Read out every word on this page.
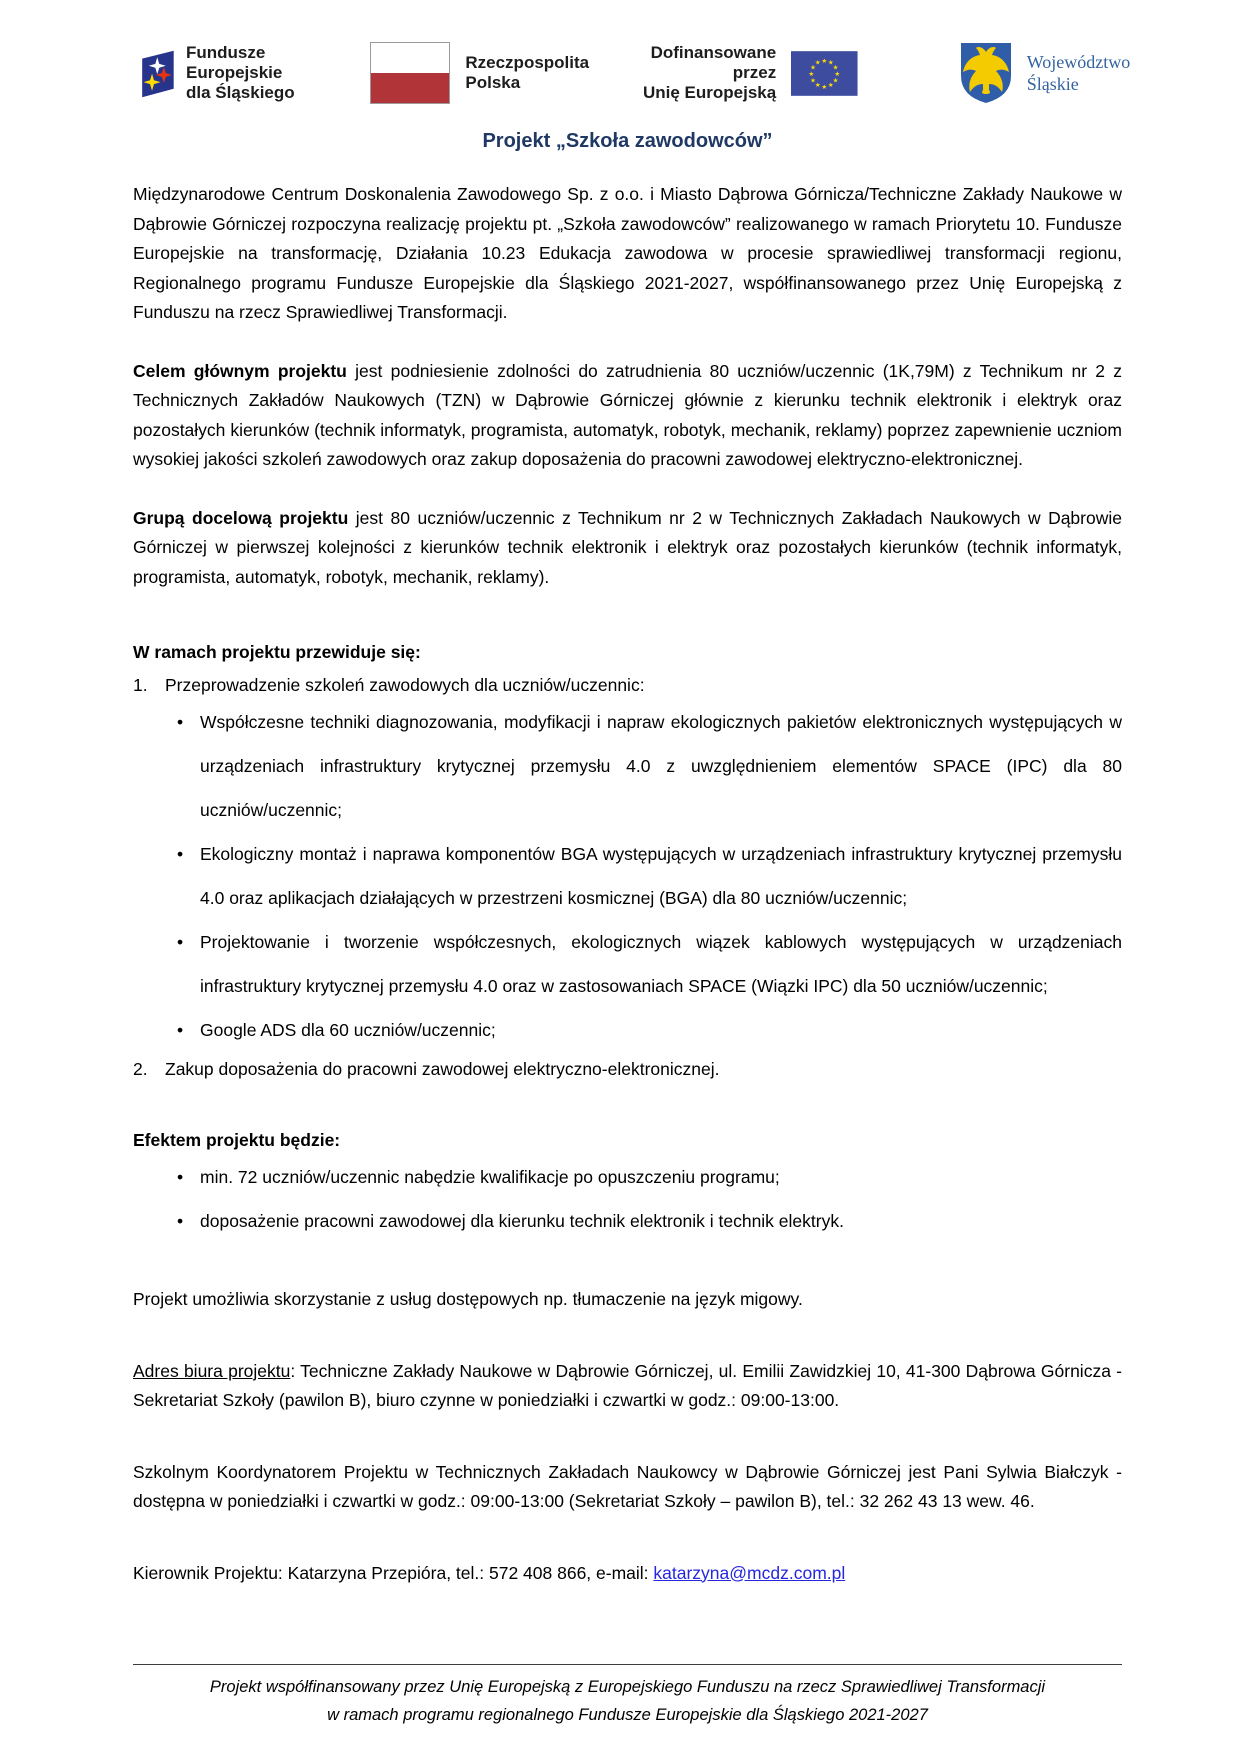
Fundusze Europejskie
dla Śląskiego
Rzeczpospolita
Polska
Dofinansowane przez
Unię Europejską
★ ★
★
★
★
★
★
★
★
★
★
★	Województwo
Śląskie
Projekt „Szkoła zawodowców”

Międzynarodowe Centrum Doskonalenia Zawodowego Sp. z o.o. i Miasto Dąbrowa Górnicza/Techniczne Zakłady Naukowe w Dąbrowie Górniczej rozpoczyna realizację projektu pt. „Szkoła zawodowców” realizowanego w ramach Priorytetu 10. Fundusze Europejskie na transformację, Działania 10.23 Edukacja zawodowa w procesie sprawiedliwej transformacji regionu, Regionalnego programu Fundusze Europejskie dla Śląskiego 2021-2027, współfinansowanego przez Unię Europejską z Funduszu na rzecz Sprawiedliwej Transformacji.

Celem głównym projektu jest podniesienie zdolności do zatrudnienia 80 uczniów/uczennic (1K,79M) z Technikum nr 2 z Technicznych Zakładów Naukowych (TZN) w Dąbrowie Górniczej głównie z kierunku technik elektronik i elektryk oraz pozostałych kierunków (technik informatyk, programista, automatyk, robotyk, mechanik, reklamy) poprzez zapewnienie uczniom wysokiej jakości szkoleń zawodowych oraz zakup doposażenia do pracowni zawodowej elektryczno-elektronicznej.

Grupą docelową projektu jest 80 uczniów/uczennic z Technikum nr 2 w Technicznych Zakładach Naukowych w Dąbrowie Górniczej w pierwszej kolejności z kierunków technik elektronik i elektryk oraz pozostałych kierunków (technik informatyk, programista, automatyk, robotyk, mechanik, reklamy).

W ramach projektu przewiduje się:
1. Przeprowadzenie szkoleń zawodowych dla uczniów/uczennic:
• Współczesne techniki diagnozowania, modyfikacji i napraw ekologicznych pakietów elektronicznych występujących w urządzeniach infrastruktury krytycznej przemysłu 4.0 z uwzględnieniem elementów SPACE (IPC) dla 80 uczniów/uczennic;
• Ekologiczny montaż i naprawa komponentów BGA występujących w urządzeniach infrastruktury krytycznej przemysłu 4.0 oraz aplikacjach działających w przestrzeni kosmicznej (BGA) dla 80 uczniów/uczennic;
• Projektowanie i tworzenie współczesnych, ekologicznych wiązek kablowych występujących w urządzeniach infrastruktury krytycznej przemysłu 4.0 oraz w zastosowaniach SPACE (Wiązki IPC) dla 50 uczniów/uczennic;
• Google ADS dla 60 uczniów/uczennic;
2. Zakup doposażenia do pracowni zawodowej elektryczno-elektronicznej.
Efektem projektu będzie:
• min. 72 uczniów/uczennic nabędzie kwalifikacje po opuszczeniu programu;
• doposażenie pracowni zawodowej dla kierunku technik elektronik i technik elektryk.

Projekt umożliwia skorzystanie z usług dostępowych np. tłumaczenie na język migowy.

Adres biura projektu: Techniczne Zakłady Naukowe w Dąbrowie Górniczej, ul. Emilii Zawidzkiej 10, 41-300 Dąbrowa Górnicza - Sekretariat Szkoły (pawilon B), biuro czynne w poniedziałki i czwartki w godz.: 09:00-13:00.

Szkolnym Koordynatorem Projektu w Technicznych Zakładach Naukowcy w Dąbrowie Górniczej jest Pani Sylwia Białczyk - dostępna w poniedziałki i czwartki w godz.: 09:00-13:00 (Sekretariat Szkoły – pawilon B), tel.: 32 262 43 13 wew. 46.

Kierownik Projektu: Katarzyna Przepióra, tel.: 572 408 866, e-mail: katarzyna@mcdz.com.pl

Projekt współfinansowany przez Unię Europejską z Europejskiego Funduszu na rzecz Sprawiedliwej Transformacji
w ramach programu regionalnego Fundusze Europejskie dla Śląskiego 2021-2027
